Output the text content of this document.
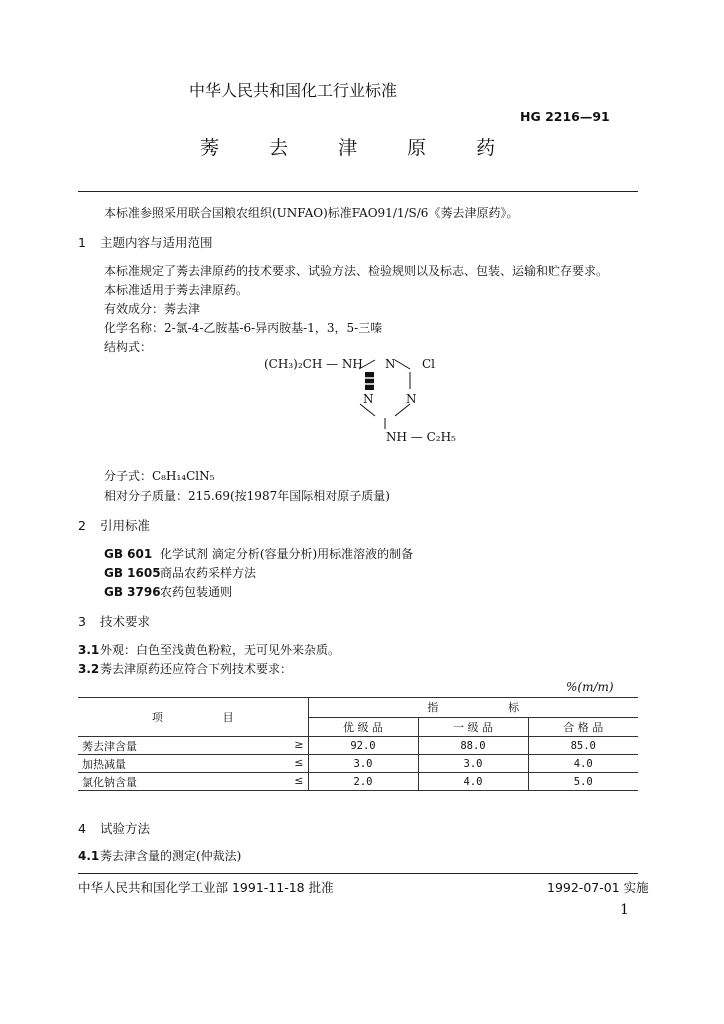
中华人民共和国化工行业标准
HG 2216—91
莠 去 津 原 药
本标准参照采用联合国粮农组织(UNFAO)标准FAO91/1/S/6《莠去津原药》。
1 主题内容与适用范围
本标准规定了莠去津原药的技术要求、试验方法、检验规则以及标志、包装、运输和贮存要求。
本标准适用于莠去津原药。
有效成分：莠去津
化学名称：2-氯-4-乙胺基-6-异丙胺基-1，3，5-三嗪
结构式：
(CH₃)₂CH — NH N Cl
N	N
NH — C₂H₅
分子式：C₈H₁₄ClN₅
相对分子质量：215.69(按1987年国际相对原子质量)
2 引用标准
GB 601 化学试剂 滴定分析(容量分析)用标准溶液的制备
GB 1605商品农药采样方法
GB 3796农药包装通则
3 技术要求
3.1外观：白色至浅黄色粉粒，无可见外来杂质。
3.2莠去津原药还应符合下列技术要求：
%(m/m)
项 目	指 标		

	优 级 品	一 级 品	合 格 品

莠去津含量 ≥	92.0	88.0	85.0

加热减量 ≤	3.0	3.0	4.0

氯化钠含量 ≤	2.0	4.0	5.0
4 试验方法
4.1莠去津含量的测定(仲裁法)
中华人民共和国化学工业部 1991-11-18 批准	1992-07-01 实施
1
